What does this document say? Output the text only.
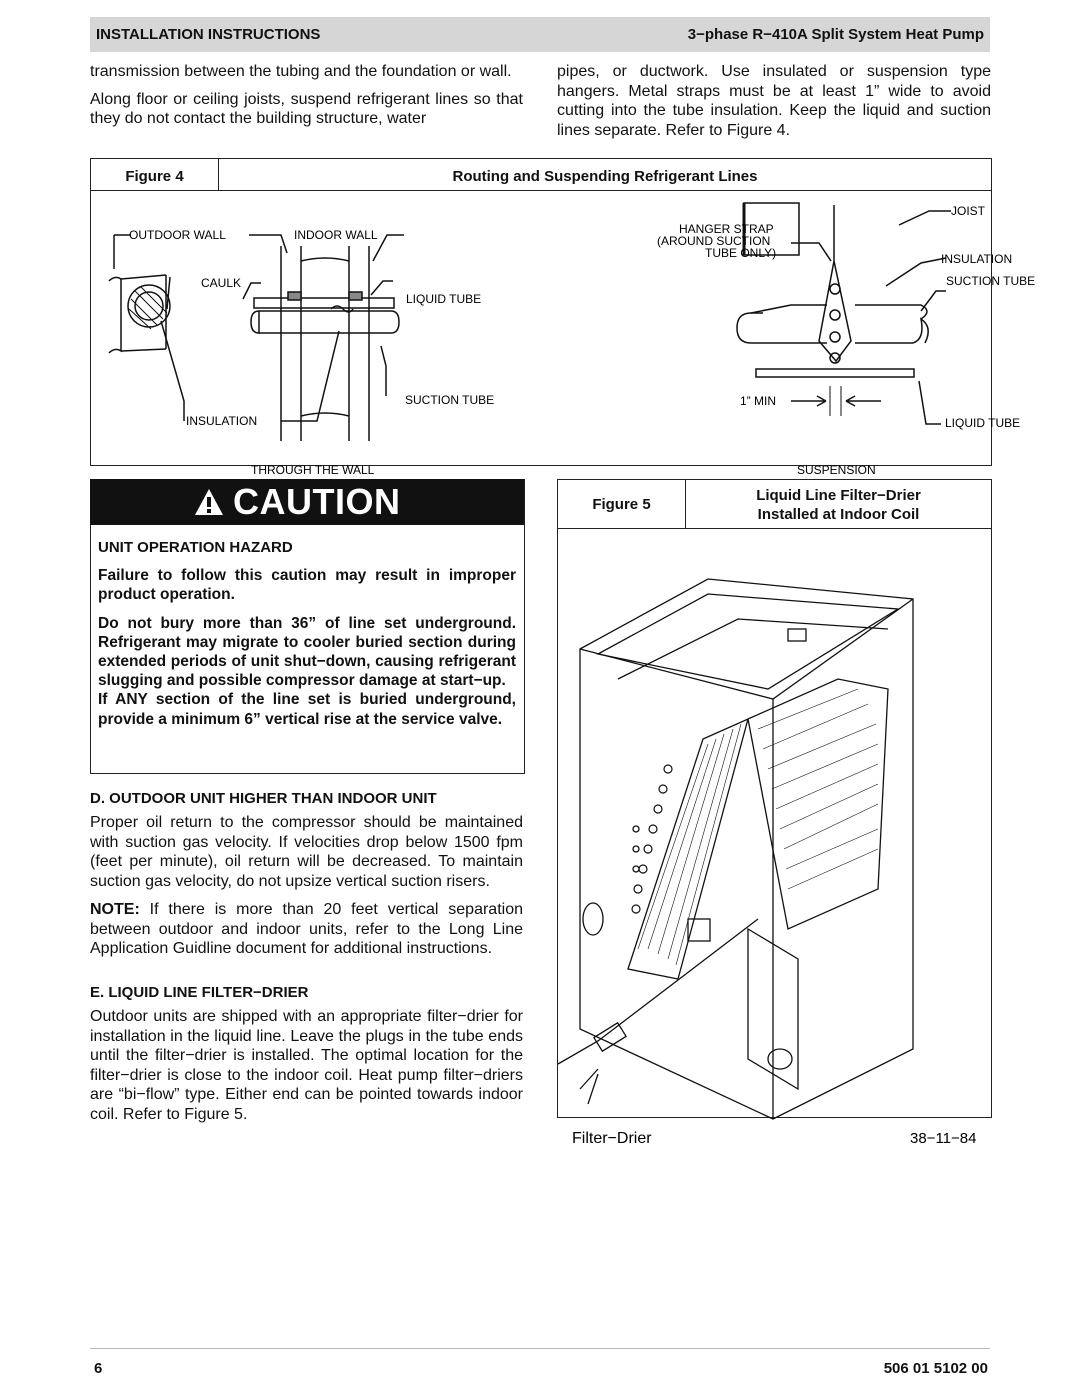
INSTALLATION INSTRUCTIONS	3−phase R−410A Split System Heat Pump

transmission between the tubing and the foundation or wall.

Along floor or ceiling joists, suspend refrigerant lines so that they do not contact the building structure, water

pipes, or ductwork. Use insulated or suspension type hangers. Metal straps must be at least 1” wide to avoid cutting into the tube insulation. Keep the liquid and suction lines separate. Refer to Figure 4.

Figure 4	Routing and Suspending Refrigerant Lines
OUTDOOR WALL	INDOOR WALL
CAULK
LIQUID TUBE
SUCTION TUBE
INSULATION
THROUGH THE WALL
JOIST
HANGER STRAP
(AROUND SUCTION
TUBE ONLY)	INSULATION
SUCTION TUBE
1” MIN
LIQUID TUBE
SUSPENSION
CAUTION

UNIT OPERATION HAZARD

Failure to follow this caution may result in improper product operation.

Do not bury more than 36” of line set underground. Refrigerant may migrate to cooler buried section during extended periods of unit shut−down, causing refrigerant slugging and possible compressor damage at start−up.

If ANY section of the line set is buried underground, provide a minimum 6” vertical rise at the service valve.

D. OUTDOOR UNIT HIGHER THAN INDOOR UNIT

Proper oil return to the compressor should be maintained with suction gas velocity. If velocities drop below 1500 fpm (feet per minute), oil return will be decreased. To maintain suction gas velocity, do not upsize vertical suction risers.

NOTE: If there is more than 20 feet vertical separation between outdoor and indoor units, refer to the Long Line Application Guidline document for additional instructions.

E. LIQUID LINE FILTER−DRIER

Outdoor units are shipped with an appropriate filter−drier for installation in the liquid line. Leave the plugs in the tube ends until the filter−drier is installed. The optimal location for the filter−drier is close to the indoor coil. Heat pump filter−driers are “bi−flow” type. Either end can be pointed towards indoor coil. Refer to Figure 5.

Figure 5
Liquid Line Filter−Drier
Installed at Indoor Coil
Filter−Drier	38−11−84
6	506 01 5102 00
